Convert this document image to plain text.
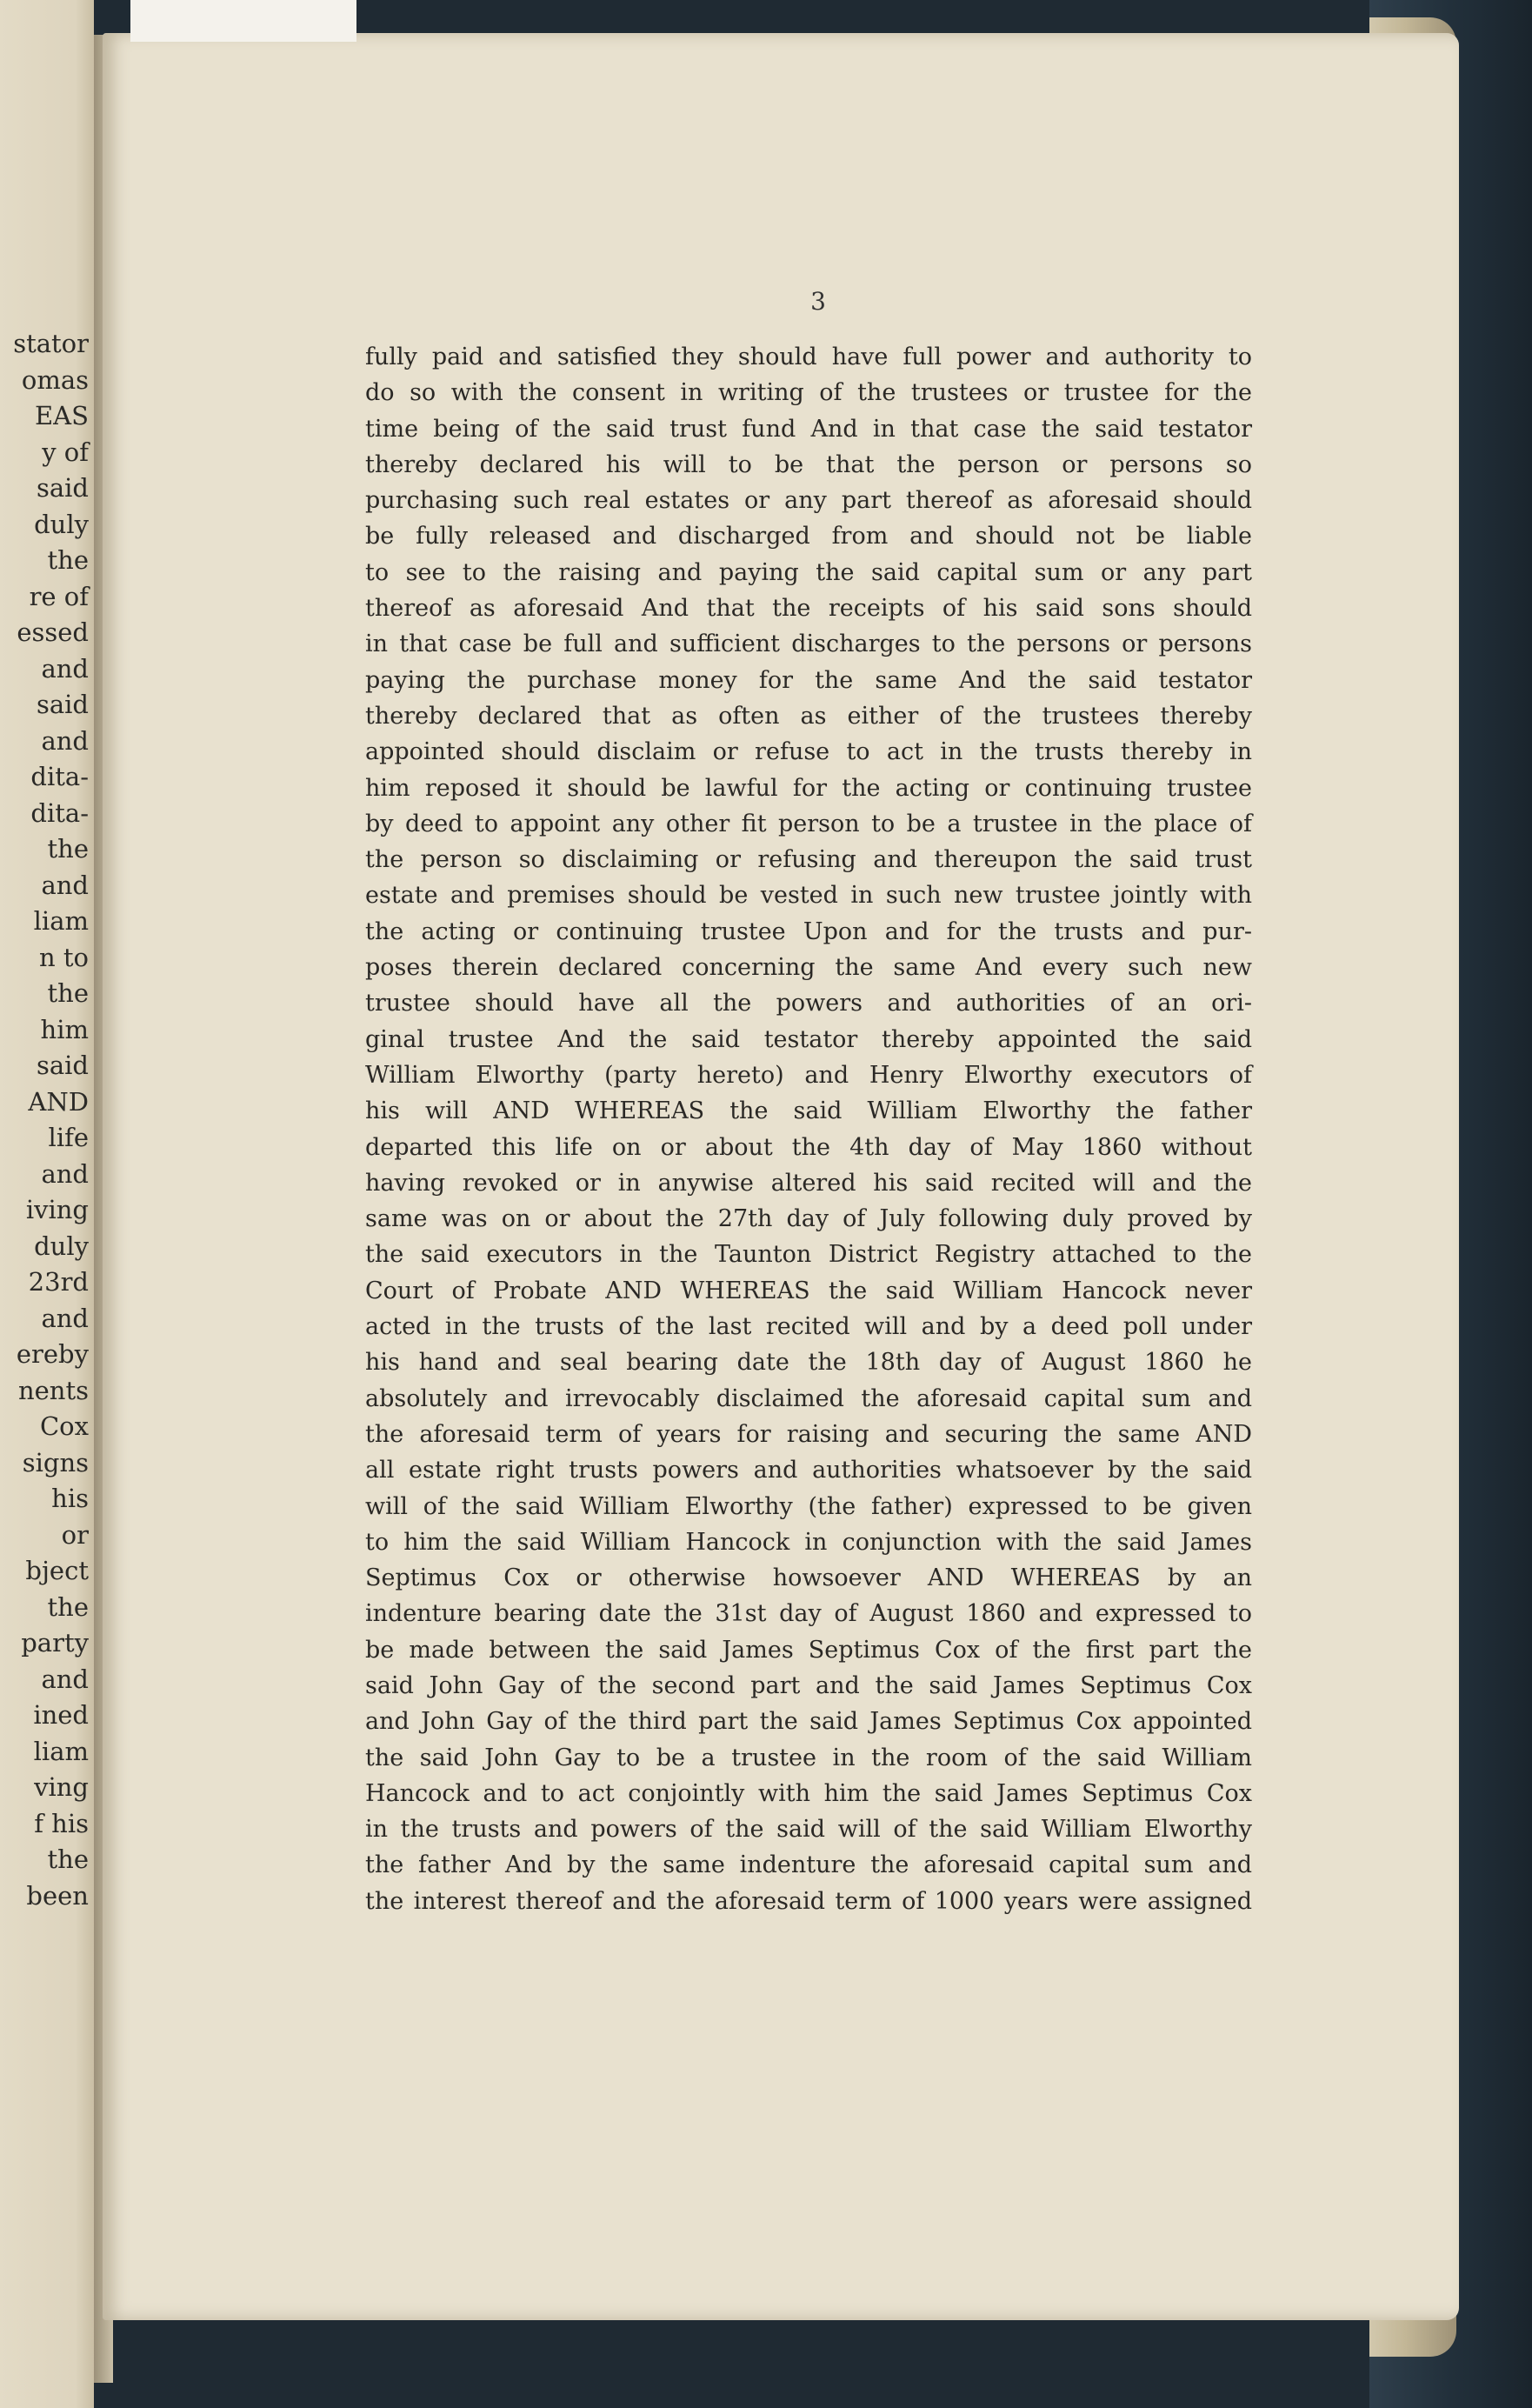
stator
omas
EAS
y of
said
duly
the
re of
essed
and
said
and
dita-
dita-
the
and
liam
n to
the
him
said
AND
life
and
iving
duly
23rd
and
ereby
nents
Cox
signs
his
or
bject
the
party
and
ined
liam
ving
f his
the
been
3
fully paid and satisfied they should have full power and authority to
do so with the consent in writing of the trustees or trustee for the
time being of the said trust fund And in that case the said testator
thereby declared his will to be that the person or persons so
purchasing such real estates or any part thereof as aforesaid should
be fully released and discharged from and should not be liable
to see to the raising and paying the said capital sum or any part
thereof as aforesaid And that the receipts of his said sons should
in that case be full and sufficient discharges to the persons or persons
paying the purchase money for the same And the said testator
thereby declared that as often as either of the trustees thereby
appointed should disclaim or refuse to act in the trusts thereby in
him reposed it should be lawful for the acting or continuing trustee
by deed to appoint any other fit person to be a trustee in the place of
the person so disclaiming or refusing and thereupon the said trust
estate and premises should be vested in such new trustee jointly with
the acting or continuing trustee Upon and for the trusts and pur-
poses therein declared concerning the same And every such new
trustee should have all the powers and authorities of an ori-
ginal trustee And the said testator thereby appointed the said
William Elworthy (party hereto) and Henry Elworthy executors of
his will AND WHEREAS the said William Elworthy the father
departed this life on or about the 4th day of May 1860 without
having revoked or in anywise altered his said recited will and the
same was on or about the 27th day of July following duly proved by
the said executors in the Taunton District Registry attached to the
Court of Probate AND WHEREAS the said William Hancock never
acted in the trusts of the last recited will and by a deed poll under
his hand and seal bearing date the 18th day of August 1860 he
absolutely and irrevocably disclaimed the aforesaid capital sum and
the aforesaid term of years for raising and securing the same AND
all estate right trusts powers and authorities whatsoever by the said
will of the said William Elworthy (the father) expressed to be given
to him the said William Hancock in conjunction with the said James
Septimus Cox or otherwise howsoever AND WHEREAS by an
indenture bearing date the 31st day of August 1860 and expressed to
be made between the said James Septimus Cox of the first part the
said John Gay of the second part and the said James Septimus Cox
and John Gay of the third part the said James Septimus Cox appointed
the said John Gay to be a trustee in the room of the said William
Hancock and to act conjointly with him the said James Septimus Cox
in the trusts and powers of the said will of the said William Elworthy
the father And by the same indenture the aforesaid capital sum and
the interest thereof and the aforesaid term of 1000 years were assigned
